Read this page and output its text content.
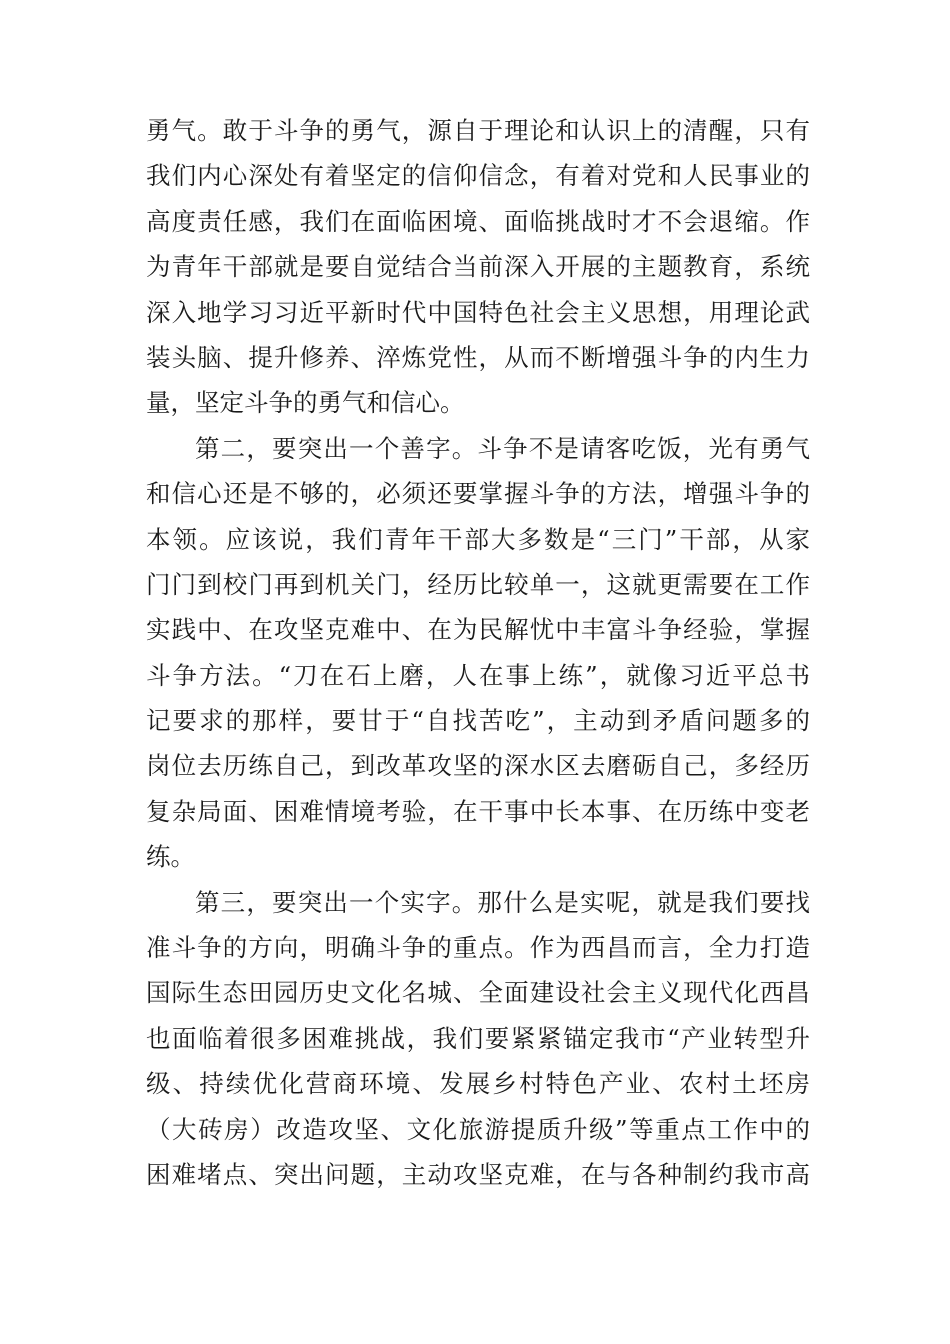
勇气。敢于斗争的勇气，源自于理论和认识上的清醒，只有
我们内心深处有着坚定的信仰信念，有着对党和人民事业的
高度责任感，我们在面临困境、面临挑战时才不会退缩。作
为青年干部就是要自觉结合当前深入开展的主题教育，系统
深入地学习习近平新时代中国特色社会主义思想，用理论武
装头脑、提升修养、淬炼党性，从而不断增强斗争的内生力
量，坚定斗争的勇气和信心。
第二，要突出一个善字。斗争不是请客吃饭，光有勇气
和信心还是不够的，必须还要掌握斗争的方法，增强斗争的
本领。应该说，我们青年干部大多数是“三门”干部，从家
门门到校门再到机关门，经历比较单一，这就更需要在工作
实践中、在攻坚克难中、在为民解忧中丰富斗争经验，掌握
斗争方法。“刀在石上磨，人在事上练”，就像习近平总书
记要求的那样，要甘于“自找苦吃”，主动到矛盾问题多的
岗位去历练自己，到改革攻坚的深水区去磨砺自己，多经历
复杂局面、困难情境考验，在干事中长本事、在历练中变老
练。
第三，要突出一个实字。那什么是实呢，就是我们要找
准斗争的方向，明确斗争的重点。作为西昌而言，全力打造
国际生态田园历史文化名城、全面建设社会主义现代化西昌
也面临着很多困难挑战，我们要紧紧锚定我市“产业转型升
级、持续优化营商环境、发展乡村特色产业、农村土坯房
（大砖房）改造攻坚、文化旅游提质升级”等重点工作中的
困难堵点、突出问题，主动攻坚克难，在与各种制约我市高
